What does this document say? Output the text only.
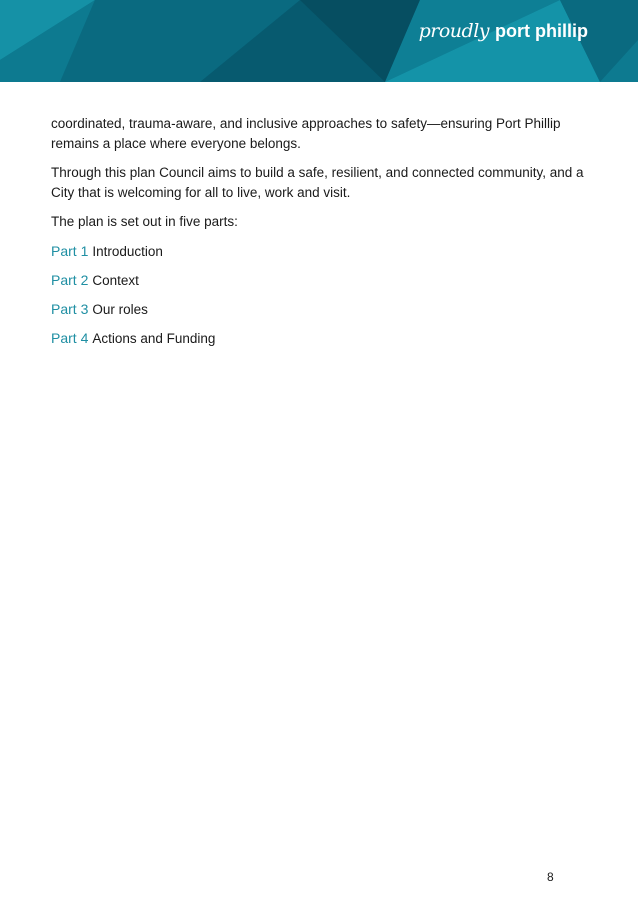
proudly port phillip

coordinated, trauma-aware, and inclusive approaches to safety—ensuring Port Phillip remains a place where everyone belongs.

Through this plan Council aims to build a safe, resilient, and connected community, and a City that is welcoming for all to live, work and visit.

The plan is set out in five parts:

Part 1 Introduction
Part 2 Context
Part 3 Our roles
Part 4 Actions and Funding
8
